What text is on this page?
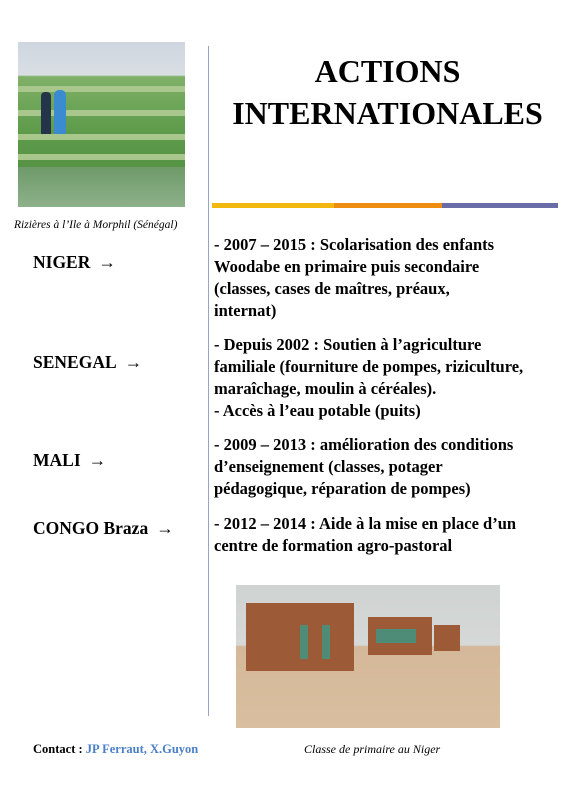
Rizières à l’Ile à Morphil (Sénégal)
ACTIONS
INTERNATIONALES
NIGER →
SENEGAL →
MALI →
CONGO Braza →
- 2007 – 2015 : Scolarisation des enfants
Woodabe en primaire puis secondaire
(classes, cases de maîtres, préaux,
internat)
- Depuis 2002 : Soutien à l’agriculture
familiale (fourniture de pompes, riziculture,
maraîchage, moulin à céréales).
- Accès à l’eau potable (puits)
- 2009 – 2013 : amélioration des conditions
d’enseignement (classes, potager
pédagogique, réparation de pompes)
- 2012 – 2014 : Aide à la mise en place d’un
centre de formation agro-pastoral
Contact : JP Ferraut, X.Guyon	Classe de primaire au Niger
